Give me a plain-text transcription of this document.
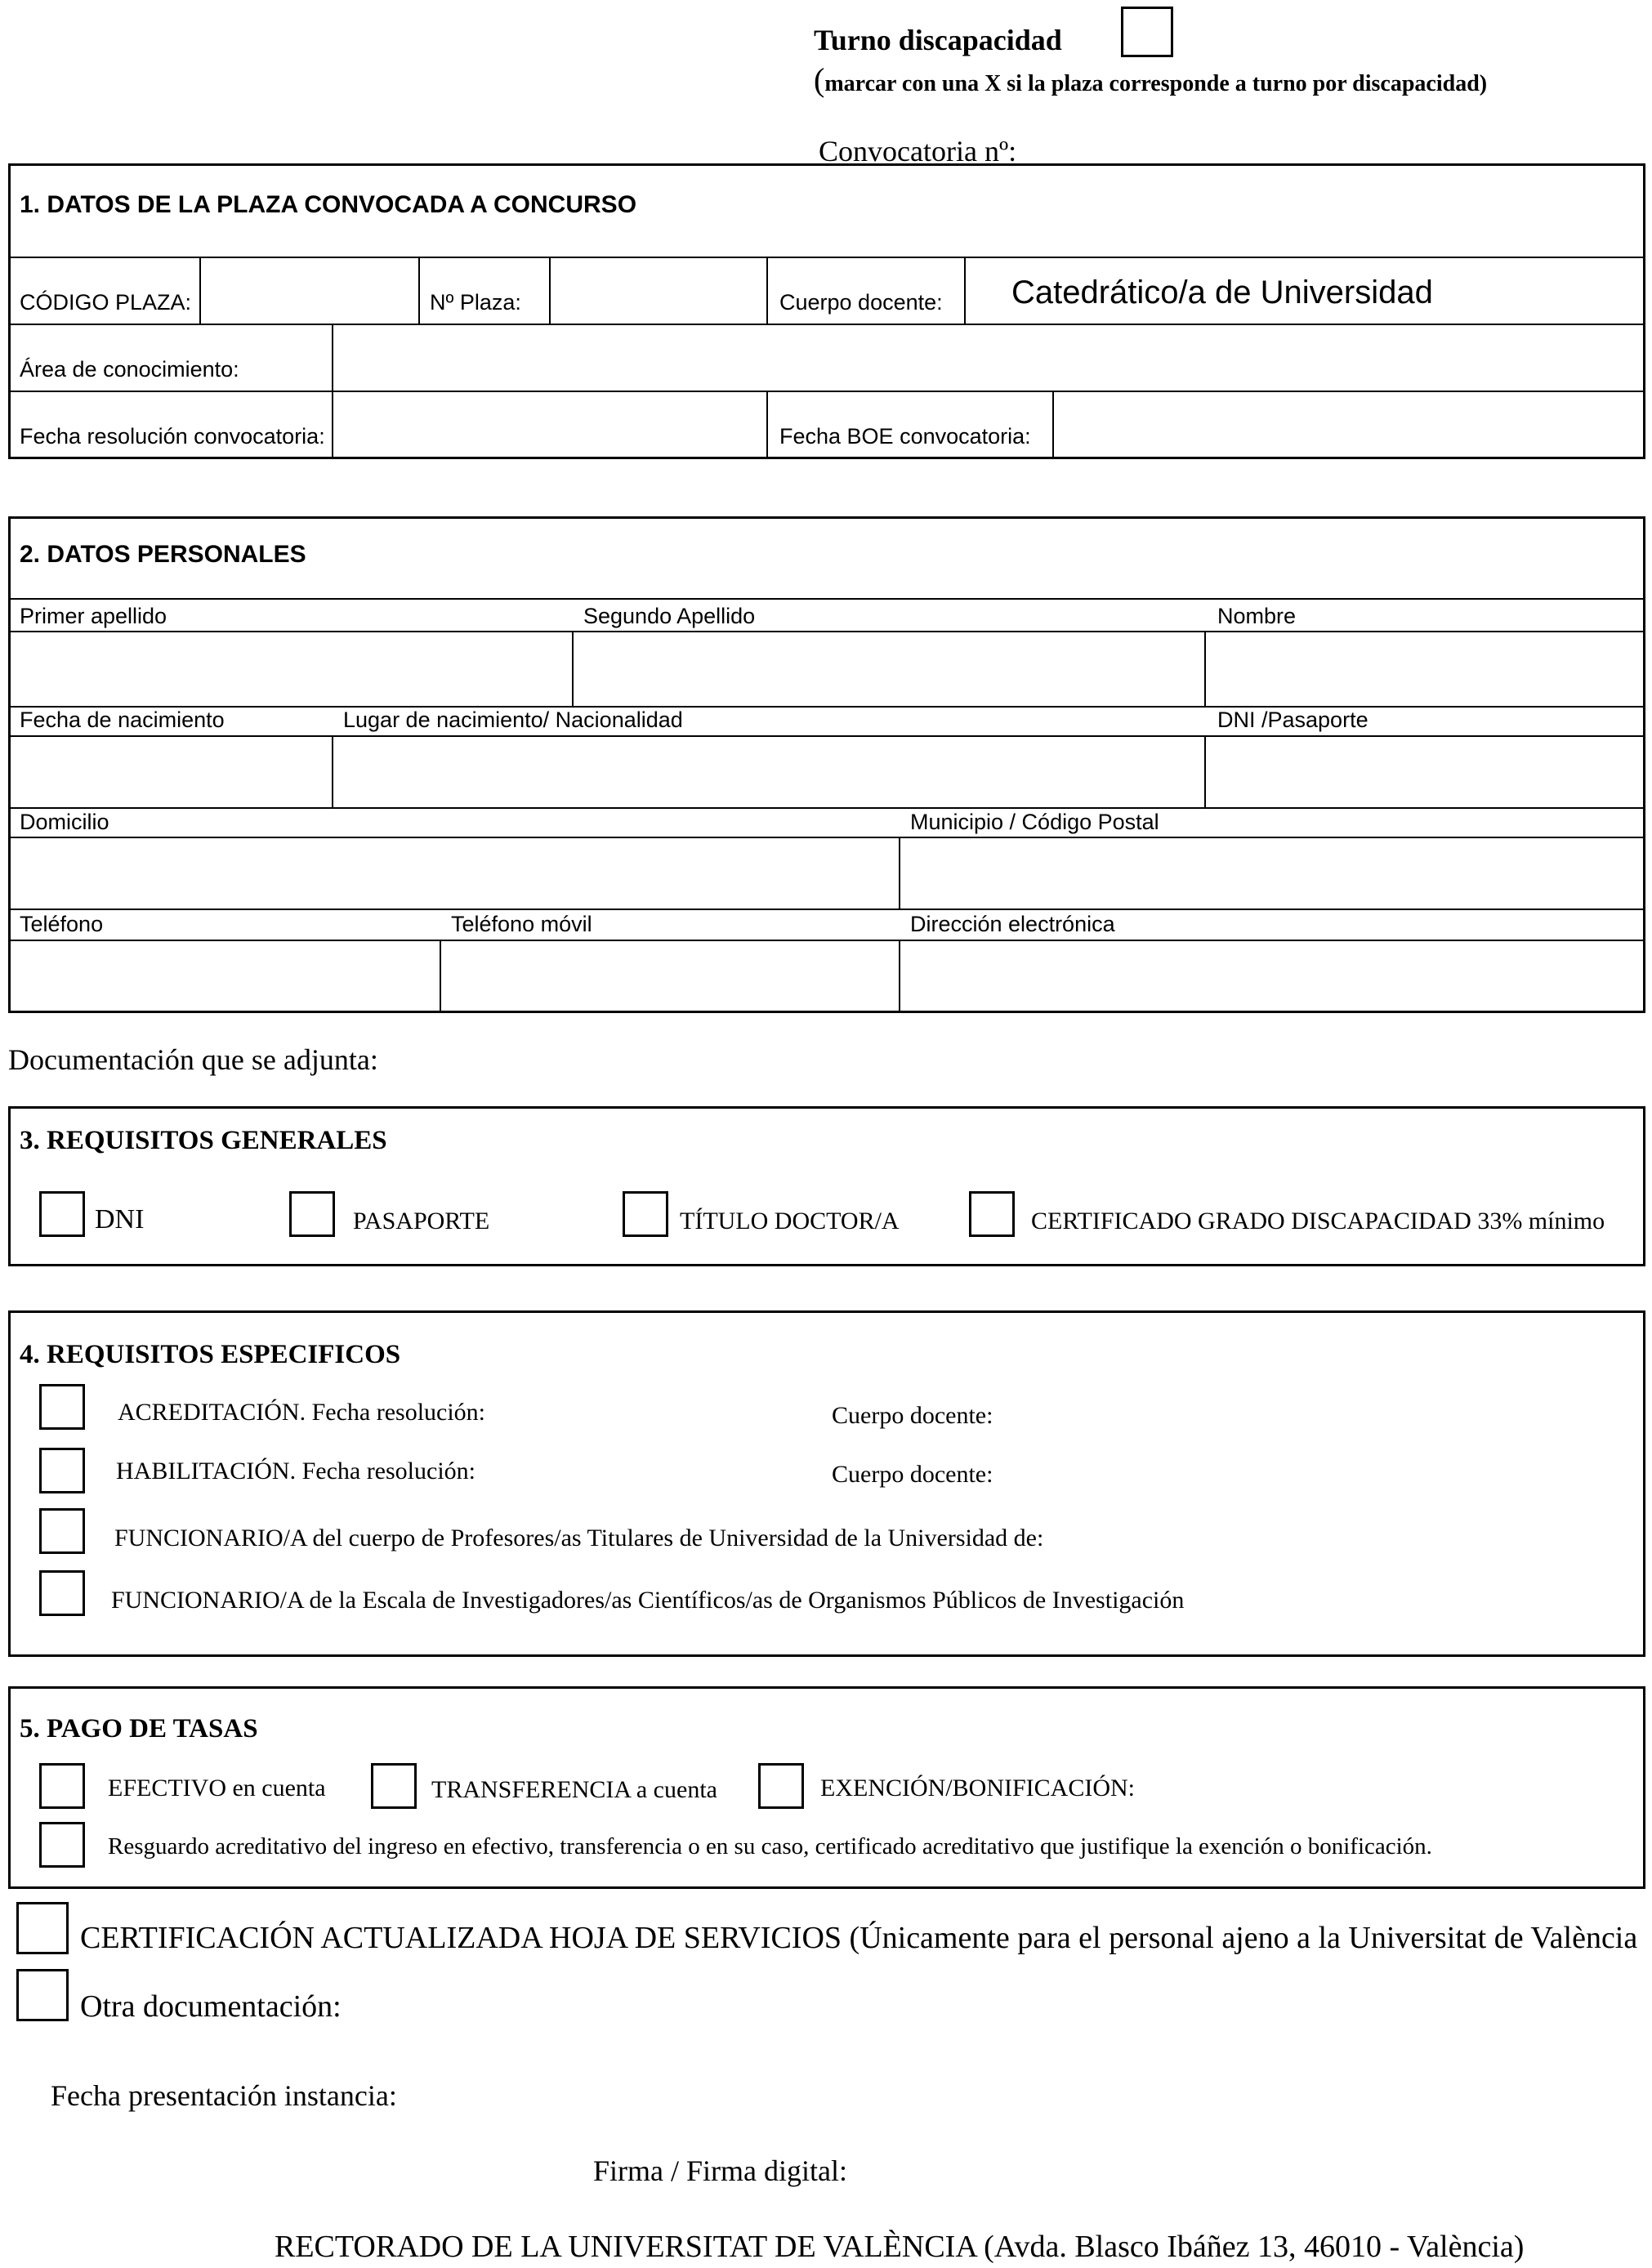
Turno discapacidad
(marcar con una X si la plaza corresponde a turno por discapacidad)
Convocatoria nº:
1. DATOS DE LA PLAZA CONVOCADA A CONCURSO
CÓDIGO PLAZA:	Nº Plaza:	Cuerpo docente: Catedrático/a de Universidad
Área de conocimiento:
Fecha resolución convocatoria:	Fecha BOE convocatoria:
2. DATOS PERSONALES
Primer apellido	Segundo Apellido	Nombre
Fecha de nacimiento	Lugar de nacimiento/ Nacionalidad	DNI /Pasaporte
Domicilio	Municipio / Código Postal
Teléfono	Teléfono móvil	Dirección electrónica
Documentación que se adjunta:
3. REQUISITOS GENERALES
DNI	PASAPORTE	TÍTULO DOCTOR/A	CERTIFICADO GRADO DISCAPACIDAD 33% mínimo
4. REQUISITOS ESPECIFICOS
ACREDITACIÓN. Fecha resolución:	Cuerpo docente:
HABILITACIÓN. Fecha resolución:	Cuerpo docente:
FUNCIONARIO/A del cuerpo de Profesores/as Titulares de Universidad de la Universidad de:
FUNCIONARIO/A de la Escala de Investigadores/as Científicos/as de Organismos Públicos de Investigación
5. PAGO DE TASAS
EFECTIVO en cuenta	TRANSFERENCIA a cuenta	EXENCIÓN/BONIFICACIÓN:
Resguardo acreditativo del ingreso en efectivo, transferencia o en su caso, certificado acreditativo que justifique la exención o bonificación.
CERTIFICACIÓN ACTUALIZADA HOJA DE SERVICIOS (Únicamente para el personal ajeno a la Universitat de València
Otra documentación:
Fecha presentación instancia:
Firma / Firma digital:
RECTORADO DE LA UNIVERSITAT DE VALÈNCIA (Avda. Blasco Ibáñez 13, 46010 - València)
